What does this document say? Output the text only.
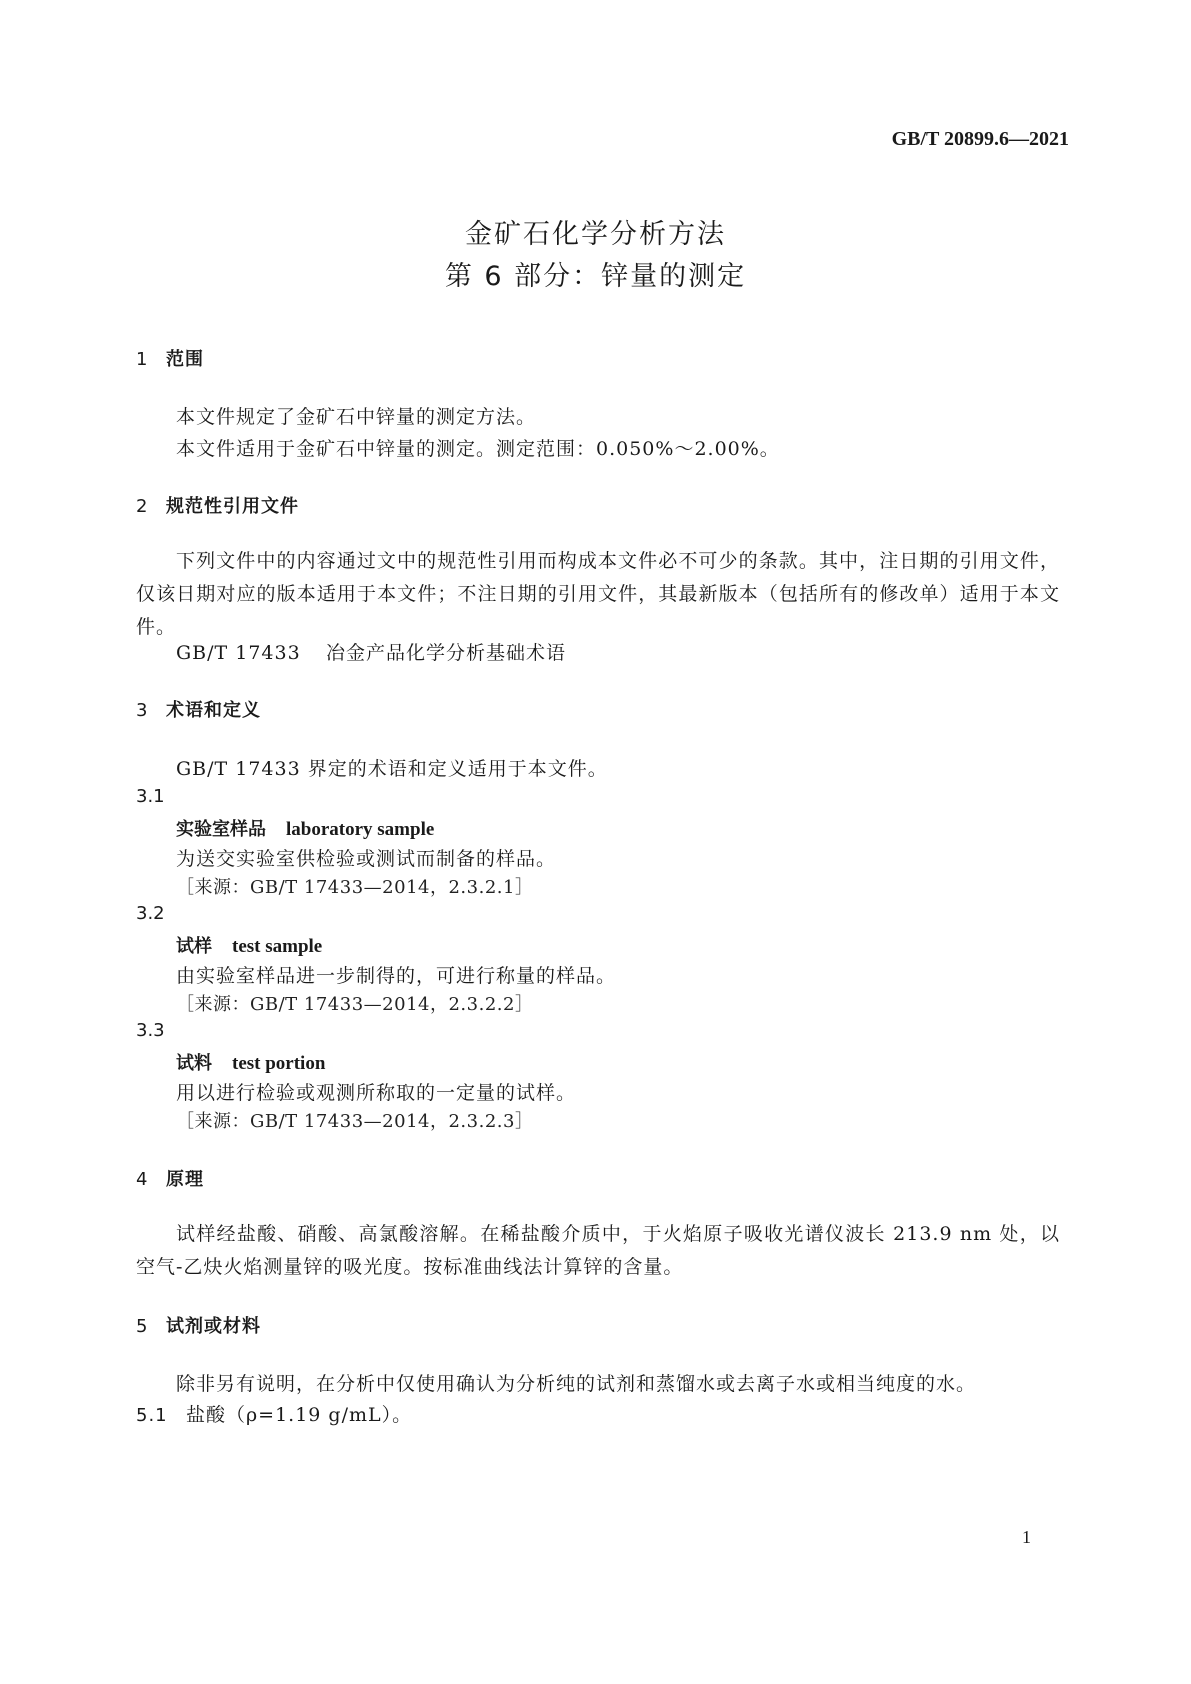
GB/T 20899.6—2021
金矿石化学分析方法
第 6 部分：锌量的测定
1 范围
本文件规定了金矿石中锌量的测定方法。
本文件适用于金矿石中锌量的测定。测定范围：0.050%～2.00%。
2 规范性引用文件
下列文件中的内容通过文中的规范性引用而构成本文件必不可少的条款。其中，注日期的引用文件，仅该日期对应的版本适用于本文件；不注日期的引用文件，其最新版本（包括所有的修改单）适用于本文件。
GB/T 17433 冶金产品化学分析基础术语
3 术语和定义
GB/T 17433 界定的术语和定义适用于本文件。
3.1
实验室样品 laboratory sample
为送交实验室供检验或测试而制备的样品。
［来源：GB/T 17433—2014，2.3.2.1］
3.2
试样 test sample
由实验室样品进一步制得的，可进行称量的样品。
［来源：GB/T 17433—2014，2.3.2.2］
3.3
试料 test portion
用以进行检验或观测所称取的一定量的试样。
［来源：GB/T 17433—2014，2.3.2.3］
4 原理
试样经盐酸、硝酸、高氯酸溶解。在稀盐酸介质中，于火焰原子吸收光谱仪波长 213.9 nm 处，以空气-乙炔火焰测量锌的吸光度。按标准曲线法计算锌的含量。
5 试剂或材料
除非另有说明，在分析中仅使用确认为分析纯的试剂和蒸馏水或去离子水或相当纯度的水。
5.1 盐酸（ρ=1.19 g/mL）。
1
